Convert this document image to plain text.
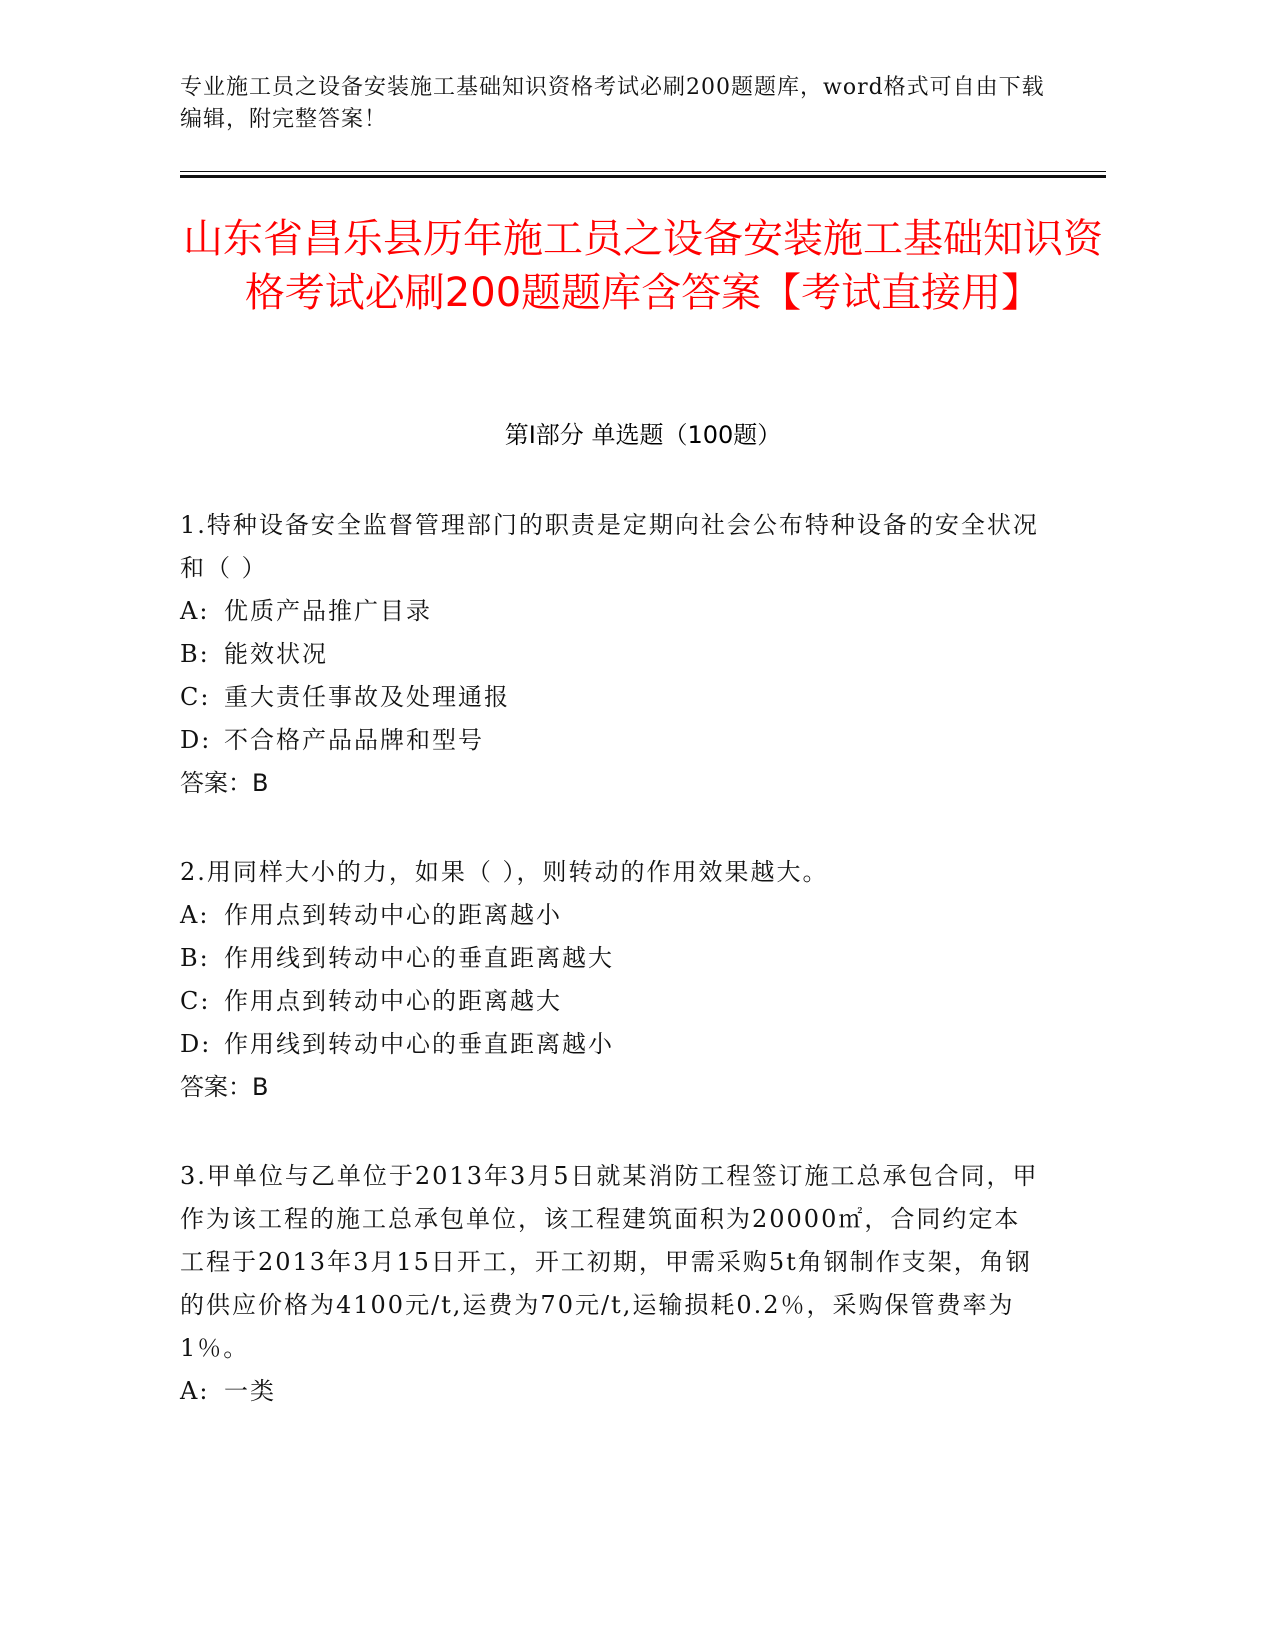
专业施工员之设备安装施工基础知识资格考试必刷200题题库，word格式可自由下载编辑，附完整答案！
山东省昌乐县历年施工员之设备安装施工基础知识资格考试必刷200题题库含答案【考试直接用】
第Ⅰ部分 单选题（100题）
1.特种设备安全监督管理部门的职责是定期向社会公布特种设备的安全状况和（ ）
A: 优质产品推广目录
B: 能效状况
C: 重大责任事故及处理通报
D: 不合格产品品牌和型号
答案：B
2.用同样大小的力，如果（ ），则转动的作用效果越大。
A: 作用点到转动中心的距离越小
B: 作用线到转动中心的垂直距离越大
C: 作用点到转动中心的距离越大
D: 作用线到转动中心的垂直距离越小
答案：B
3.甲单位与乙单位于2013年3月5日就某消防工程签订施工总承包合同，甲作为该工程的施工总承包单位，该工程建筑面积为20000㎡，合同约定本工程于2013年3月15日开工，开工初期，甲需采购5t角钢制作支架，角钢的供应价格为4100元/t,运费为70元/t,运输损耗0.2％，采购保管费率为1％。
A: 一类
